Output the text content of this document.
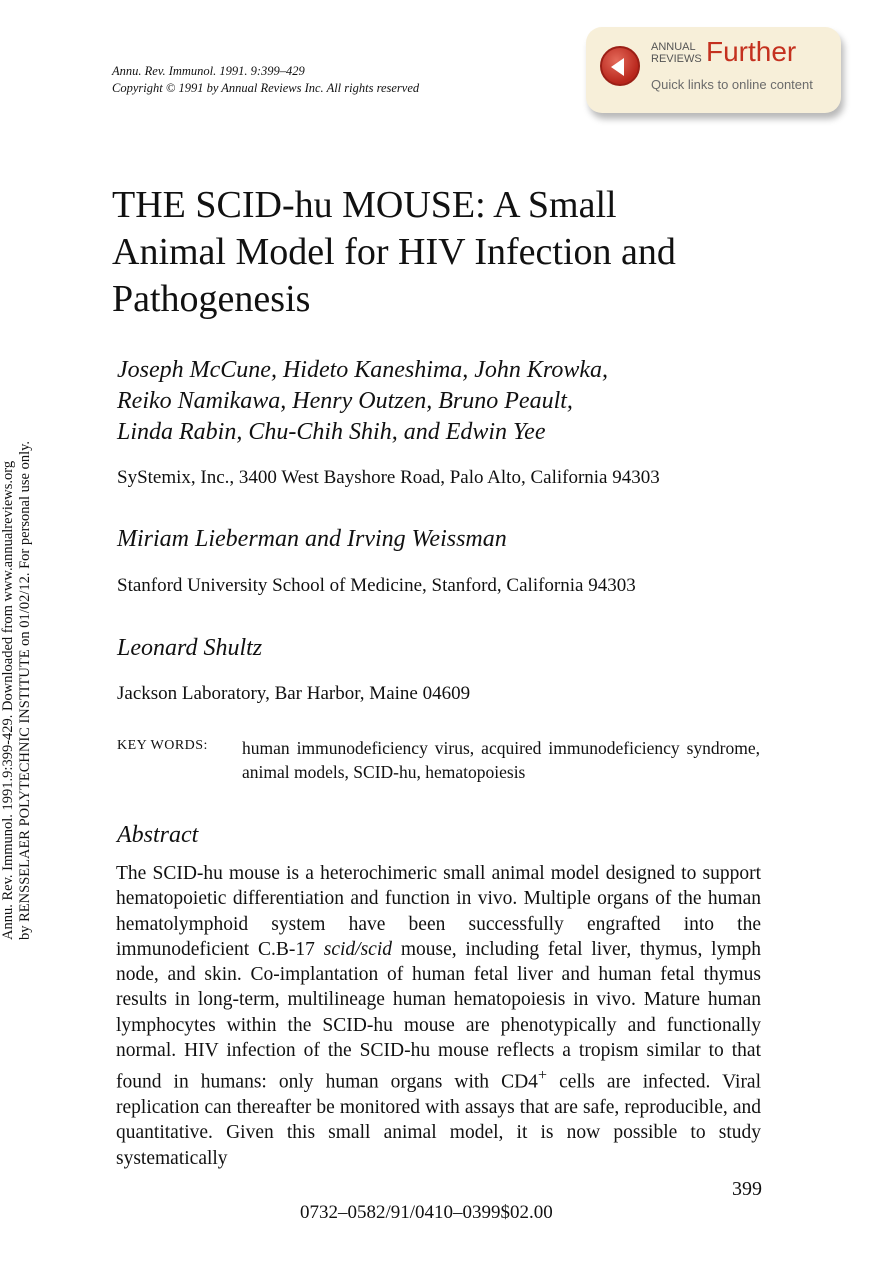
Annu. Rev. Immunol. 1991. 9:399–429
Copyright © 1991 by Annual Reviews Inc. All rights reserved
ANNUAL
REVIEWS Further
Quick links to online content
THE SCID-hu MOUSE: A Small
Animal Model for HIV Infection and
Pathogenesis
Joseph McCune, Hideto Kaneshima, John Krowka,
Reiko Namikawa, Henry Outzen, Bruno Peault,
Linda Rabin, Chu-Chih Shih, and Edwin Yee
SyStemix, Inc., 3400 West Bayshore Road, Palo Alto, California 94303
Miriam Lieberman and Irving Weissman
Stanford University School of Medicine, Stanford, California 94303
Leonard Shultz
Jackson Laboratory, Bar Harbor, Maine 04609
KEY WORDS: human immunodeficiency virus, acquired immunodeficiency syndrome, animal models, SCID-hu, hematopoiesis
Abstract
The SCID-hu mouse is a heterochimeric small animal model designed to support hematopoietic differentiation and function in vivo. Multiple organs of the human hematolymphoid system have been successfully engrafted into the immunodeficient C.B-17 scid/scid mouse, including fetal liver, thymus, lymph node, and skin. Co-implantation of human fetal liver and human fetal thymus results in long-term, multilineage human hematopoiesis in vivo. Mature human lymphocytes within the SCID-hu mouse are phenotypically and functionally normal. HIV infection of the SCID-hu mouse reflects a tropism similar to that found in humans: only human organs with CD4+ cells are infected. Viral replication can thereafter be monitored with assays that are safe, reproducible, and quantitative. Given this small animal model, it is now possible to study systematically
399
0732–0582/91/0410–0399$02.00
Annu. Rev. Immunol. 1991.9:399-429. Downloaded from www.annualreviews.org by RENSSELAER POLYTECHNIC INSTITUTE on 01/02/12. For personal use only.
